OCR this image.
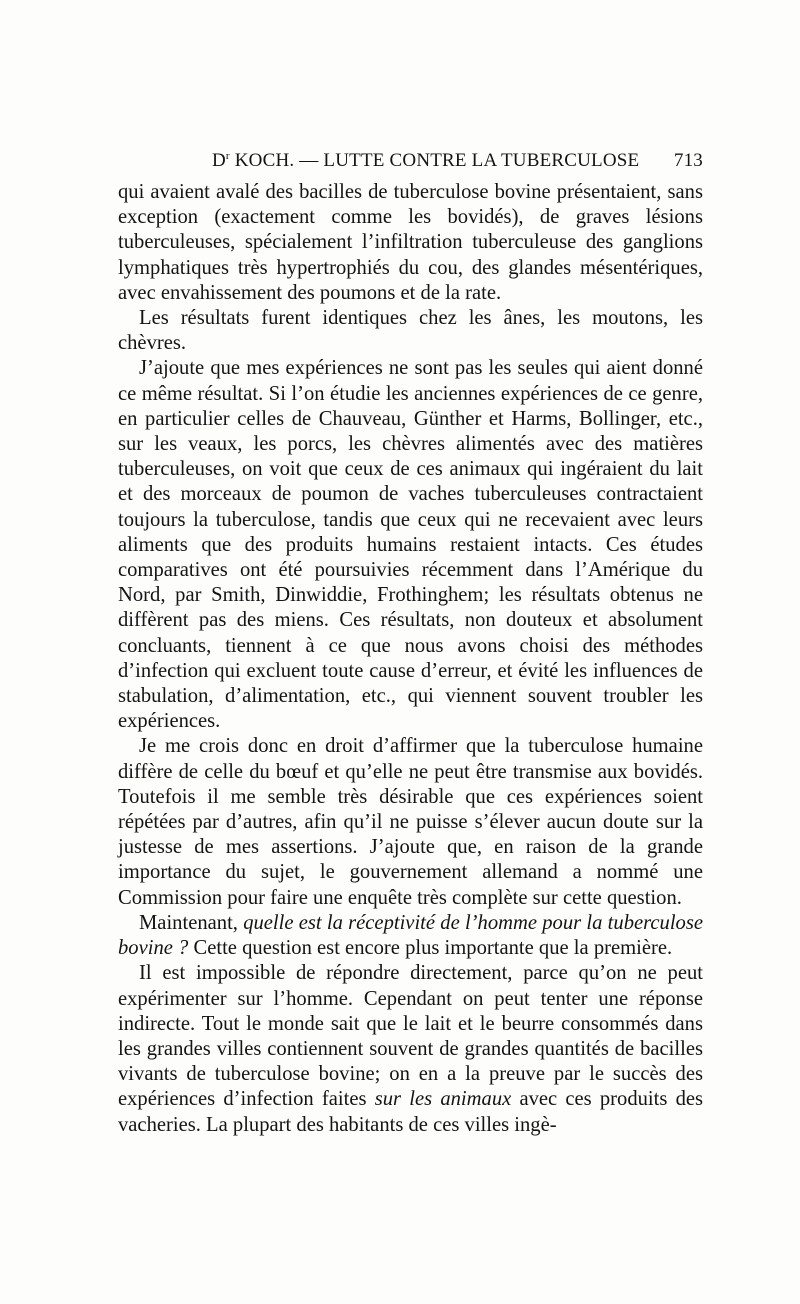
$D^r$ KOCH. — LUTTE CONTRE LA TUBERCULOSE 713

qui avaient avalé des bacilles de tuberculose bovine présentaient, sans exception (exactement comme les bovidés), de graves lésions tuberculeuses, spécialement l’infiltration tuberculeuse des ganglions lymphatiques très hypertrophiés du cou, des glandes mésentériques, avec envahissement des poumons et de la rate.

Les résultats furent identiques chez les ânes, les moutons, les chèvres.

J’ajoute que mes expériences ne sont pas les seules qui aient donné ce même résultat. Si l’on étudie les anciennes expériences de ce genre, en particulier celles de Chauveau, Günther et Harms, Bollinger, etc., sur les veaux, les porcs, les chèvres alimentés avec des matières tuberculeuses, on voit que ceux de ces animaux qui ingéraient du lait et des morceaux de poumon de vaches tuberculeuses contractaient toujours la tuberculose, tandis que ceux qui ne recevaient avec leurs aliments que des produits humains restaient intacts. Ces études comparatives ont été poursuivies récemment dans l’Amérique du Nord, par Smith, Dinwiddie, Frothinghem; les résultats obtenus ne diffèrent pas des miens. Ces résultats, non douteux et absolument concluants, tiennent à ce que nous avons choisi des méthodes d’infection qui excluent toute cause d’erreur, et évité les influences de stabulation, d’alimentation, etc., qui viennent souvent troubler les expériences.

Je me crois donc en droit d’affirmer que la tuberculose humaine diffère de celle du bœuf et qu’elle ne peut être transmise aux bovidés. Toutefois il me semble très désirable que ces expériences soient répétées par d’autres, afin qu’il ne puisse s’élever aucun doute sur la justesse de mes assertions. J’ajoute que, en raison de la grande importance du sujet, le gouvernement allemand a nommé une Commission pour faire une enquête très complète sur cette question.

Maintenant, quelle est la réceptivité de l’homme pour la tuberculose bovine ? Cette question est encore plus importante que la première.

Il est impossible de répondre directement, parce qu’on ne peut expérimenter sur l’homme. Cependant on peut tenter une réponse indirecte. Tout le monde sait que le lait et le beurre consommés dans les grandes villes contiennent souvent de grandes quantités de bacilles vivants de tuberculose bovine; on en a la preuve par le succès des expériences d’infection faites sur les animaux avec ces produits des vacheries. La plupart des habitants de ces villes ingè-
